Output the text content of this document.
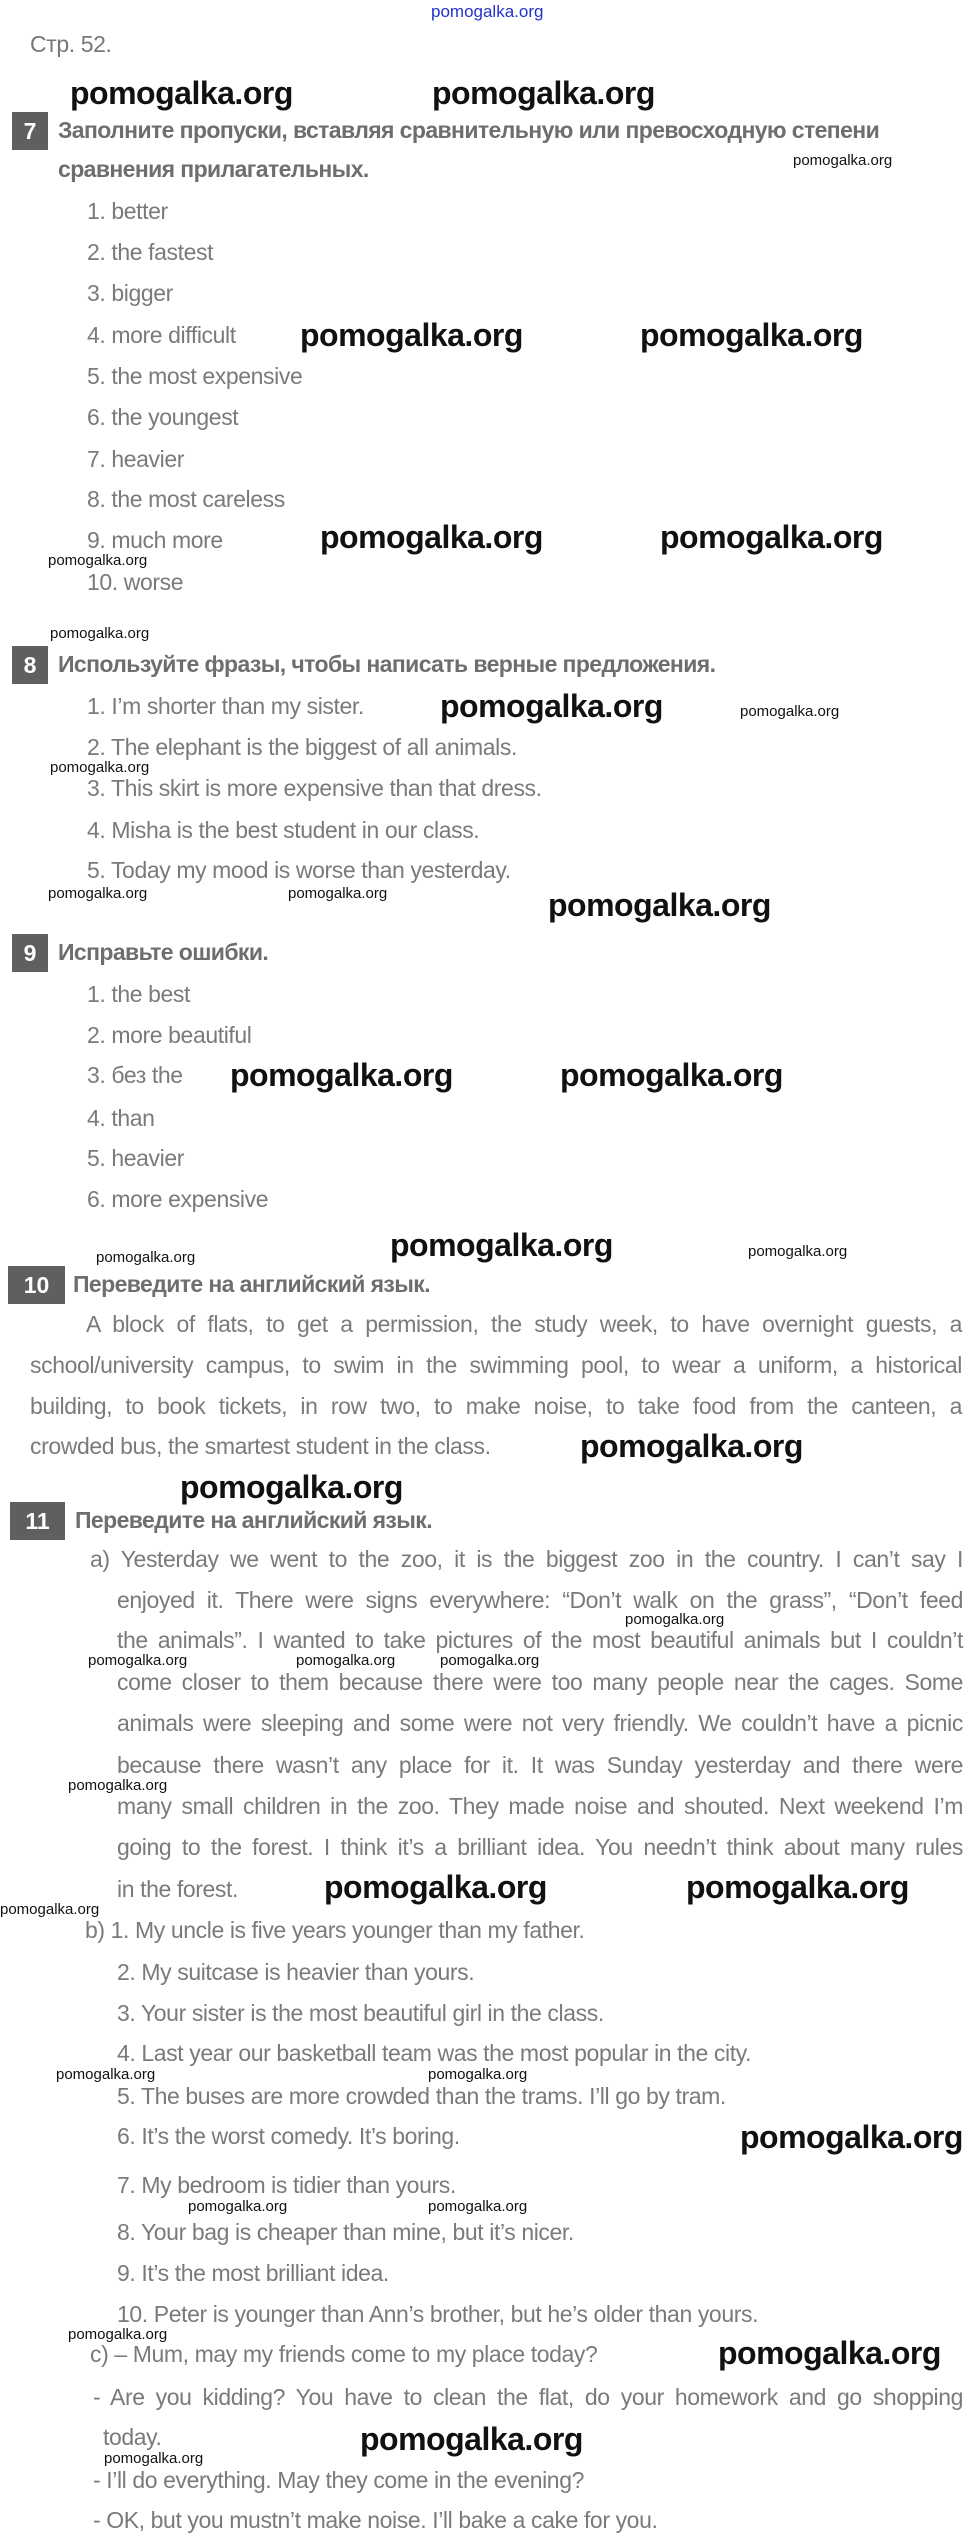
pomogalka.org
Стр. 52.
7 Заполните пропуски, вставляя сравнительную или превосходную степени
сравнения прилагательных.
8 Используйте фразы, чтобы написать верные предложения.
9 Исправьте ошибки.
10	Переведите на английский язык.
11	Переведите на английский язык.
1. better
2. the fastest
3. bigger
4. more difficult
5. the most expensive
6. the youngest
7. heavier
8. the most careless
9. much more
10. worse
1. I’m shorter than my sister.
2. The elephant is the biggest of all animals.
3. This skirt is more expensive than that dress.
4. Misha is the best student in our class.
5. Today my mood is worse than yesterday.
1. the best
2. more beautiful
3. без the
4. than
5. heavier
6. more expensive
A block of flats, to get a permission, the study week, to have overnight guests, a
school/university campus, to swim in the swimming pool, to wear a uniform, a historical
building, to book tickets, in row two, to make noise, to take food from the canteen, a
crowded bus, the smartest student in the class.
a) Yesterday we went to the zoo, it is the biggest zoo in the country. I can’t say I
enjoyed it. There were signs everywhere: “Don’t walk on the grass”, “Don’t feed
the animals”. I wanted to take pictures of the most beautiful animals but I couldn’t
come closer to them because there were too many people near the cages. Some
animals were sleeping and some were not very friendly. We couldn’t have a picnic
because there wasn’t any place for it. It was Sunday yesterday and there were
many small children in the zoo. They made noise and shouted. Next weekend I’m
going to the forest. I think it’s a brilliant idea. You needn’t think about many rules
in the forest.
b) 1. My uncle is five years younger than my father.
2. My suitcase is heavier than yours.
3. Your sister is the most beautiful girl in the class.
4. Last year our basketball team was the most popular in the city.
5. The buses are more crowded than the trams. I’ll go by tram.
6. It’s the worst comedy. It’s boring.
7. My bedroom is tidier than yours.
8. Your bag is cheaper than mine, but it’s nicer.
9. It’s the most brilliant idea.
10. Peter is younger than Ann’s brother, but he’s older than yours.
c) – Mum, may my friends come to my place today?
- Are you kidding? You have to clean the flat, do your homework and go shopping
today.
- I’ll do everything. May they come in the evening?
- OK, but you mustn’t make noise. I’ll bake a cake for you.
pomogalka.org	pomogalka.org
pomogalka.org	pomogalka.org
pomogalka.org	pomogalka.org
pomogalka.org
pomogalka.org
pomogalka.org	pomogalka.org
pomogalka.org
pomogalka.org
pomogalka.org
pomogalka.org	pomogalka.org
pomogalka.org
pomogalka.org
pomogalka.org
pomogalka.org
pomogalka.org
pomogalka.org
pomogalka.org
pomogalka.org
pomogalka.org	pomogalka.org
pomogalka.org	pomogalka.org
pomogalka.org
pomogalka.org	pomogalka.org	pomogalka.org
pomogalka.org
pomogalka.org
pomogalka.org	pomogalka.org
pomogalka.org	pomogalka.org
pomogalka.org
pomogalka.org
